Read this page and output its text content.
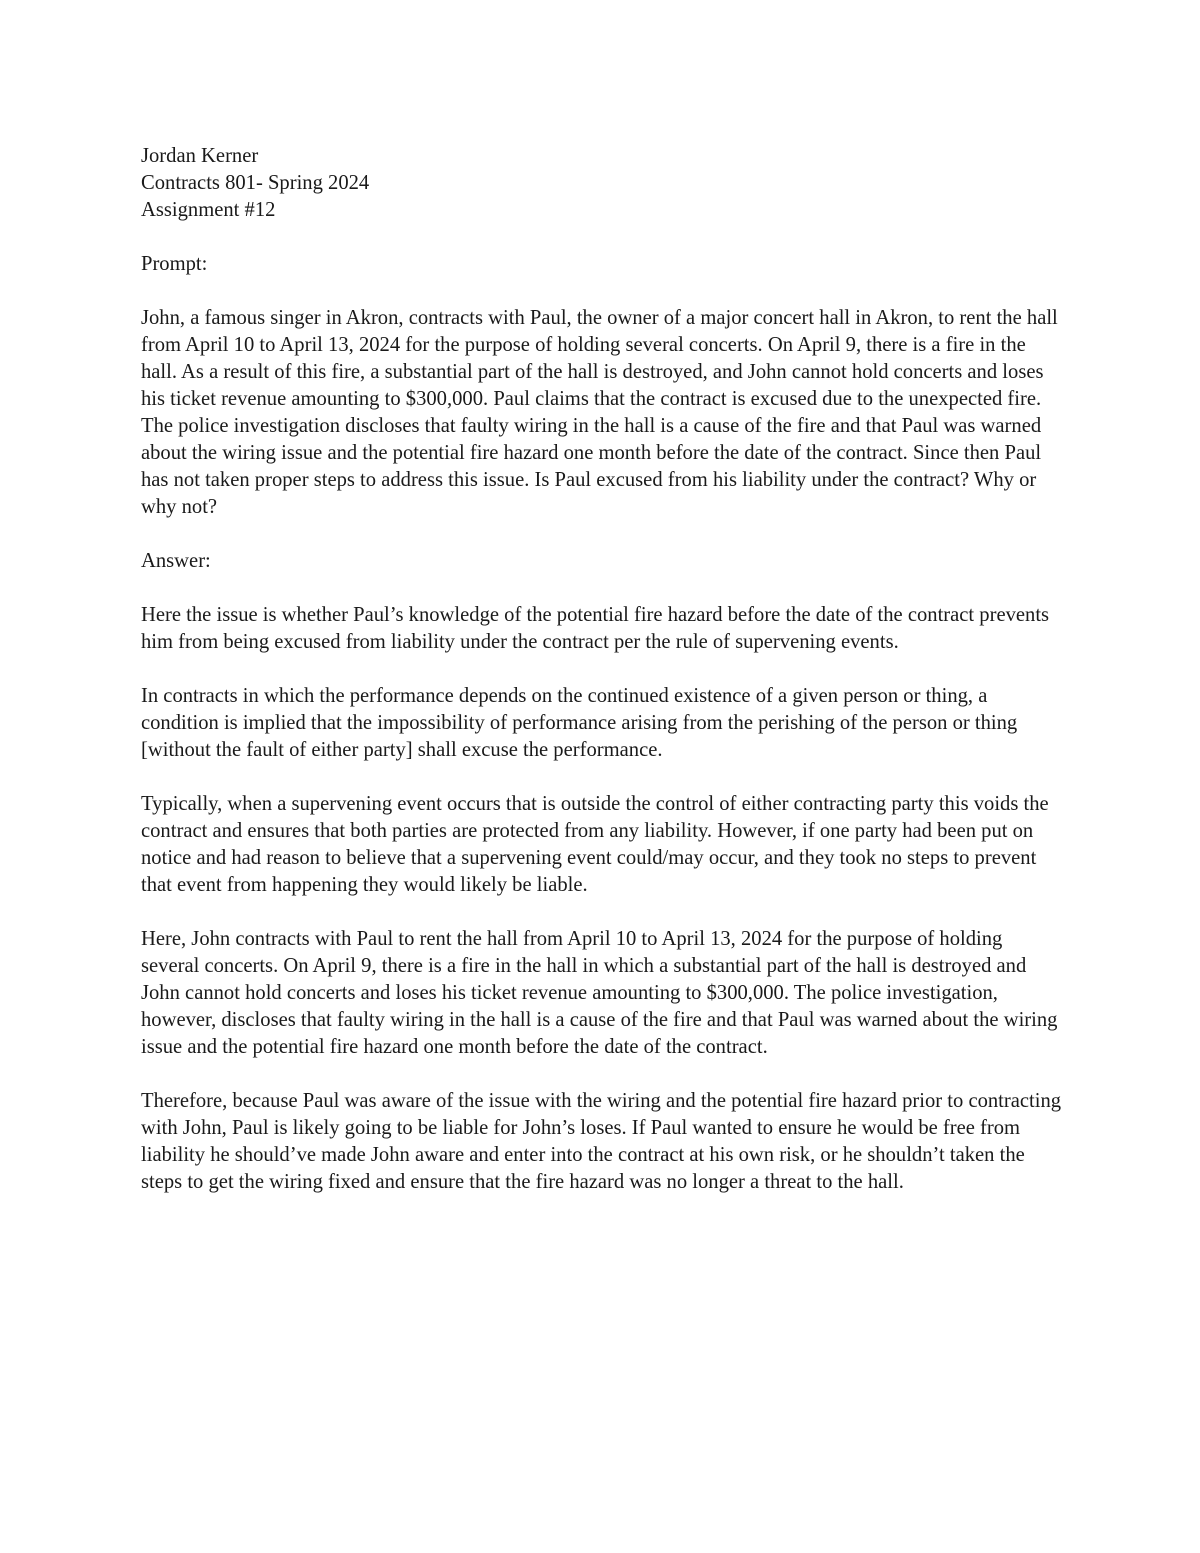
Jordan Kerner
Contracts 801- Spring 2024
Assignment #12

Prompt:

John, a famous singer in Akron, contracts with Paul, the owner of a major concert hall in Akron, to rent the hall from April 10 to April 13, 2024 for the purpose of holding several concerts. On April 9, there is a fire in the hall. As a result of this fire, a substantial part of the hall is destroyed, and John cannot hold concerts and loses his ticket revenue amounting to $300,000. Paul claims that the contract is excused due to the unexpected fire. The police investigation discloses that faulty wiring in the hall is a cause of the fire and that Paul was warned about the wiring issue and the potential fire hazard one month before the date of the contract. Since then Paul has not taken proper steps to address this issue. Is Paul excused from his liability under the contract? Why or why not?

Answer:

Here the issue is whether Paul’s knowledge of the potential fire hazard before the date of the contract prevents him from being excused from liability under the contract per the rule of supervening events.

In contracts in which the performance depends on the continued existence of a given person or thing, a condition is implied that the impossibility of performance arising from the perishing of the person or thing [without the fault of either party] shall excuse the performance.

Typically, when a supervening event occurs that is outside the control of either contracting party this voids the contract and ensures that both parties are protected from any liability. However, if one party had been put on notice and had reason to believe that a supervening event could/may occur, and they took no steps to prevent that event from happening they would likely be liable.

Here, John contracts with Paul to rent the hall from April 10 to April 13, 2024 for the purpose of holding several concerts. On April 9, there is a fire in the hall in which a substantial part of the hall is destroyed and John cannot hold concerts and loses his ticket revenue amounting to $300,000. The police investigation, however, discloses that faulty wiring in the hall is a cause of the fire and that Paul was warned about the wiring issue and the potential fire hazard one month before the date of the contract.

Therefore, because Paul was aware of the issue with the wiring and the potential fire hazard prior to contracting with John, Paul is likely going to be liable for John’s loses. If Paul wanted to ensure he would be free from liability he should’ve made John aware and enter into the contract at his own risk, or he shouldn’t taken the steps to get the wiring fixed and ensure that the fire hazard was no longer a threat to the hall.
